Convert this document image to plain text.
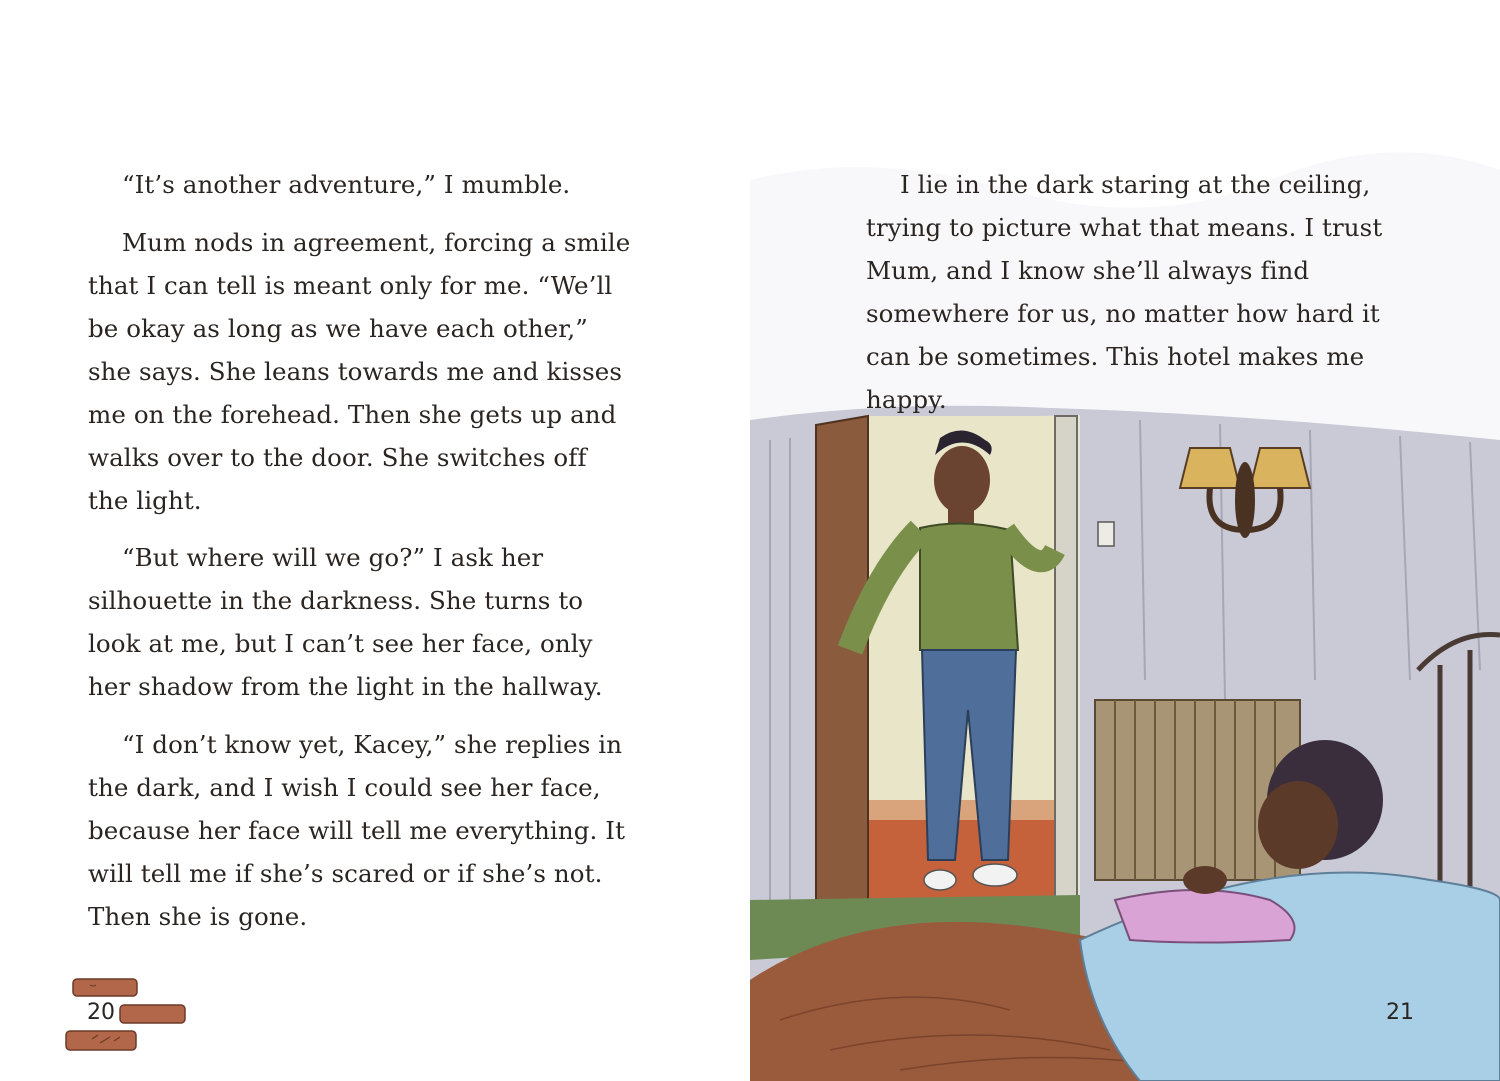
“It’s another adventure,” I mumble.

Mum nods in agreement, forcing a smile that I can tell is meant only for me. “We’ll be okay as long as we have each other,” she says. She leans towards me and kisses me on the forehead. Then she gets up and walks over to the door. She switches off the light.

“But where will we go?” I ask her silhouette in the darkness. She turns to look at me, but I can’t see her face, only her shadow from the light in the hallway.

“I don’t know yet, Kacey,” she replies in the dark, and I wish I could see her face, because her face will tell me everything. It will tell me if she’s scared or if she’s not. Then she is gone.

20

I lie in the dark staring at the ceiling, trying to picture what that means. I trust Mum, and I know she’ll always find somewhere for us, no matter how hard it can be sometimes. This hotel makes me happy.

21
